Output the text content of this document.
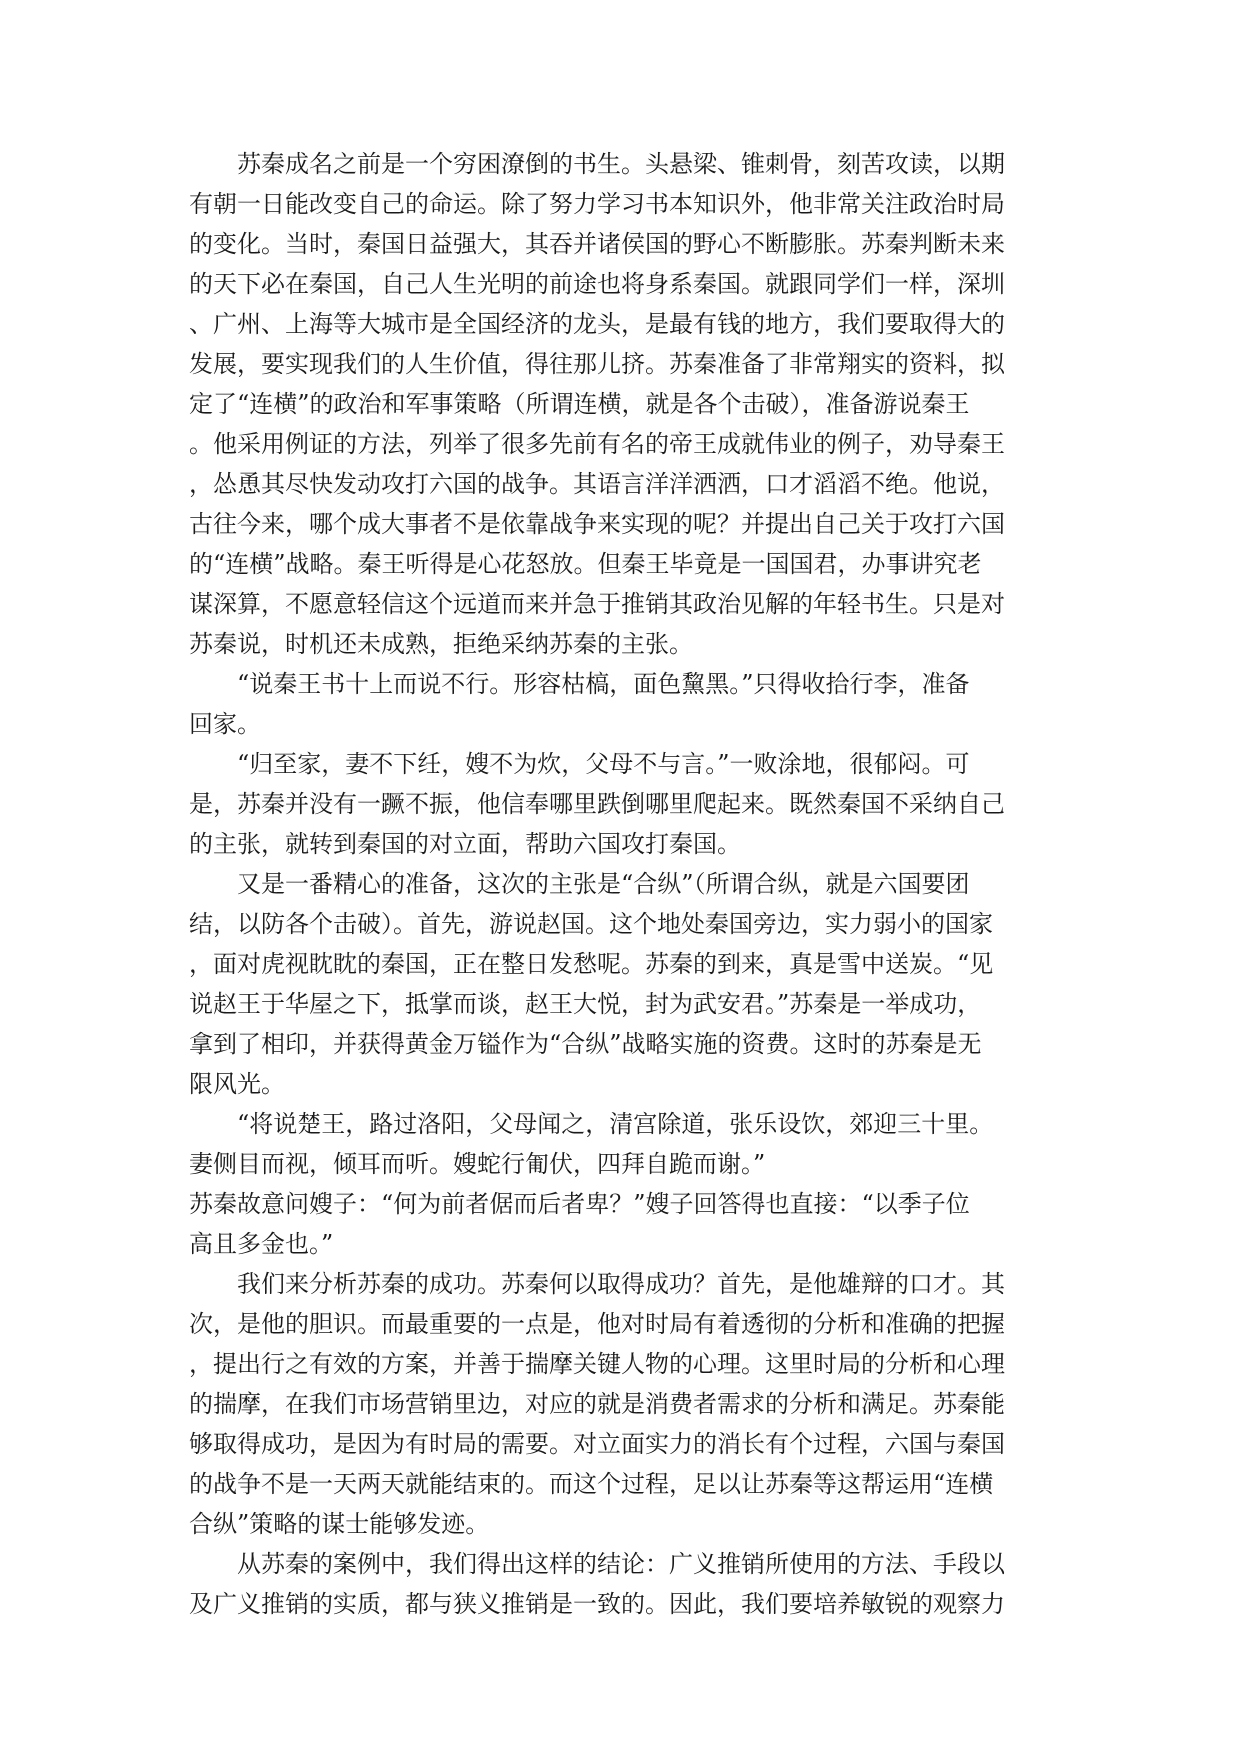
苏秦成名之前是一个穷困潦倒的书生。头悬梁、锥刺骨，刻苦攻读，以期
有朝一日能改变自己的命运。除了努力学习书本知识外，他非常关注政治时局
的变化。当时，秦国日益强大，其吞并诸侯国的野心不断膨胀。苏秦判断未来
的天下必在秦国，自己人生光明的前途也将身系秦国。就跟同学们一样，深圳
、广州、上海等大城市是全国经济的龙头，是最有钱的地方，我们要取得大的
发展，要实现我们的人生价值，得往那儿挤。苏秦准备了非常翔实的资料，拟
定了“连横”的政治和军事策略（所谓连横，就是各个击破），准备游说秦王
。他采用例证的方法，列举了很多先前有名的帝王成就伟业的例子，劝导秦王
，怂恿其尽快发动攻打六国的战争。其语言洋洋洒洒，口才滔滔不绝。他说，
古往今来，哪个成大事者不是依靠战争来实现的呢？并提出自己关于攻打六国
的“连横”战略。秦王听得是心花怒放。但秦王毕竟是一国国君，办事讲究老
谋深算，不愿意轻信这个远道而来并急于推销其政治见解的年轻书生。只是对
苏秦说，时机还未成熟，拒绝采纳苏秦的主张。
“说秦王书十上而说不行。形容枯槁，面色黧黑。”只得收拾行李，准备
回家。
“归至家，妻不下纴，嫂不为炊，父母不与言。”一败涂地，很郁闷。可
是，苏秦并没有一蹶不振，他信奉哪里跌倒哪里爬起来。既然秦国不采纳自己
的主张，就转到秦国的对立面，帮助六国攻打秦国。
又是一番精心的准备，这次的主张是“合纵”（所谓合纵，就是六国要团
结，以防各个击破）。首先，游说赵国。这个地处秦国旁边，实力弱小的国家
，面对虎视眈眈的秦国，正在整日发愁呢。苏秦的到来，真是雪中送炭。“见
说赵王于华屋之下，抵掌而谈，赵王大悦，封为武安君。”苏秦是一举成功，
拿到了相印，并获得黄金万镒作为“合纵”战略实施的资费。这时的苏秦是无
限风光。
“将说楚王，路过洛阳，父母闻之，清宫除道，张乐设饮，郊迎三十里。
妻侧目而视，倾耳而听。嫂蛇行匍伏，四拜自跪而谢。”
苏秦故意问嫂子：“何为前者倨而后者卑？”嫂子回答得也直接：“以季子位
高且多金也。”
我们来分析苏秦的成功。苏秦何以取得成功？首先，是他雄辩的口才。其
次，是他的胆识。而最重要的一点是，他对时局有着透彻的分析和准确的把握
，提出行之有效的方案，并善于揣摩关键人物的心理。这里时局的分析和心理
的揣摩，在我们市场营销里边，对应的就是消费者需求的分析和满足。苏秦能
够取得成功，是因为有时局的需要。对立面实力的消长有个过程，六国与秦国
的战争不是一天两天就能结束的。而这个过程，足以让苏秦等这帮运用“连横
合纵”策略的谋士能够发迹。
从苏秦的案例中，我们得出这样的结论：广义推销所使用的方法、手段以
及广义推销的实质，都与狭义推销是一致的。因此，我们要培养敏锐的观察力
